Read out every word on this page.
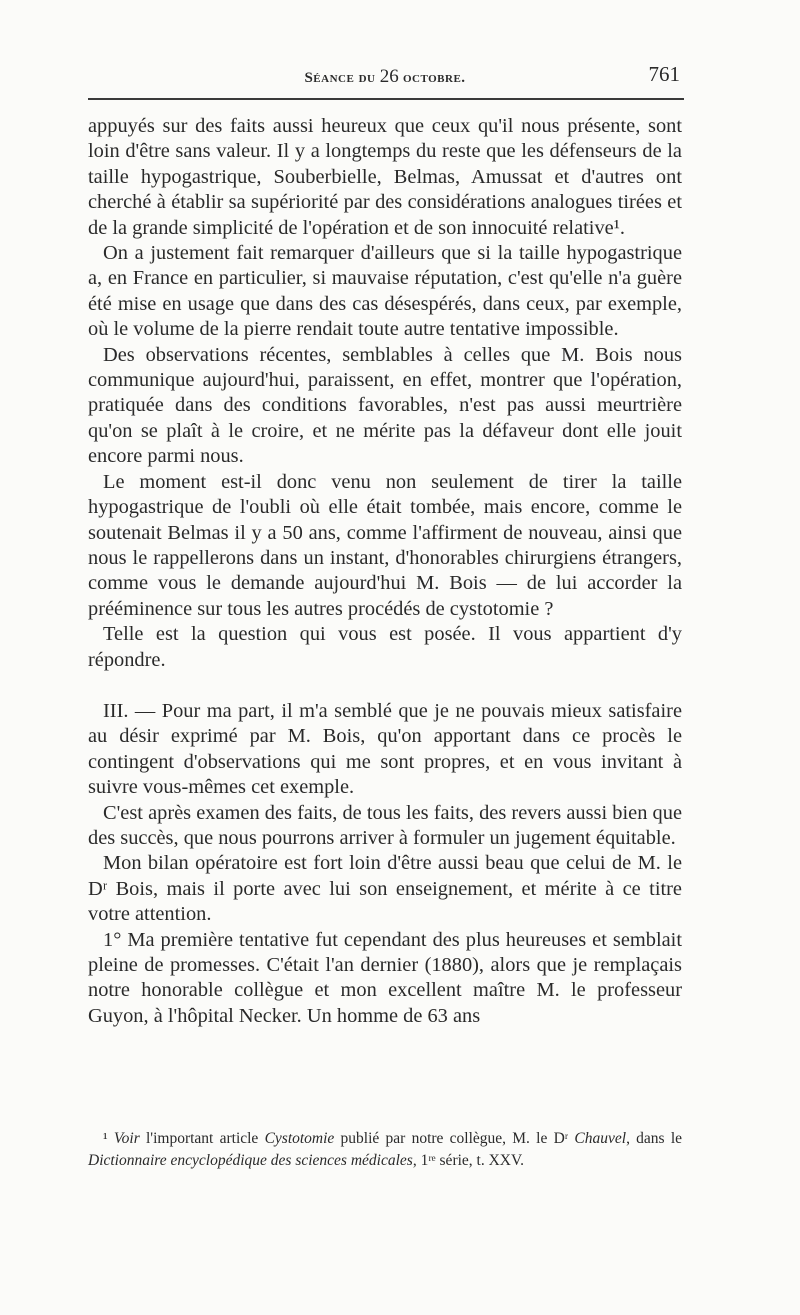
Séance du 26 octobre.	761

appuyés sur des faits aussi heureux que ceux qu'il nous présente, sont loin d'être sans valeur. Il y a longtemps du reste que les défenseurs de la taille hypogastrique, Souberbielle, Belmas, Amussat et d'autres ont cherché à établir sa supériorité par des considérations analogues tirées et de la grande simplicité de l'opération et de son innocuité relative¹.

On a justement fait remarquer d'ailleurs que si la taille hypogastrique a, en France en particulier, si mauvaise réputation, c'est qu'elle n'a guère été mise en usage que dans des cas désespérés, dans ceux, par exemple, où le volume de la pierre rendait toute autre tentative impossible.

Des observations récentes, semblables à celles que M. Bois nous communique aujourd'hui, paraissent, en effet, montrer que l'opération, pratiquée dans des conditions favorables, n'est pas aussi meurtrière qu'on se plaît à le croire, et ne mérite pas la défaveur dont elle jouit encore parmi nous.

Le moment est-il donc venu non seulement de tirer la taille hypogastrique de l'oubli où elle était tombée, mais encore, comme le soutenait Belmas il y a 50 ans, comme l'affirment de nouveau, ainsi que nous le rappellerons dans un instant, d'honorables chirurgiens étrangers, comme vous le demande aujourd'hui M. Bois — de lui accorder la prééminence sur tous les autres procédés de cystotomie ?

Telle est la question qui vous est posée. Il vous appartient d'y répondre.

III. — Pour ma part, il m'a semblé que je ne pouvais mieux satisfaire au désir exprimé par M. Bois, qu'on apportant dans ce procès le contingent d'observations qui me sont propres, et en vous invitant à suivre vous-mêmes cet exemple.

C'est après examen des faits, de tous les faits, des revers aussi bien que des succès, que nous pourrons arriver à formuler un jugement équitable.

Mon bilan opératoire est fort loin d'être aussi beau que celui de M. le Dʳ Bois, mais il porte avec lui son enseignement, et mérite à ce titre votre attention.

1° Ma première tentative fut cependant des plus heureuses et semblait pleine de promesses. C'était l'an dernier (1880), alors que je remplaçais notre honorable collègue et mon excellent maître M. le professeur Guyon, à l'hôpital Necker. Un homme de 63 ans

¹ Voir l'important article Cystotomie publié par notre collègue, M. le Dʳ Chauvel, dans le Dictionnaire encyclopédique des sciences médicales, 1ʳᵉ série, t. XXV.
